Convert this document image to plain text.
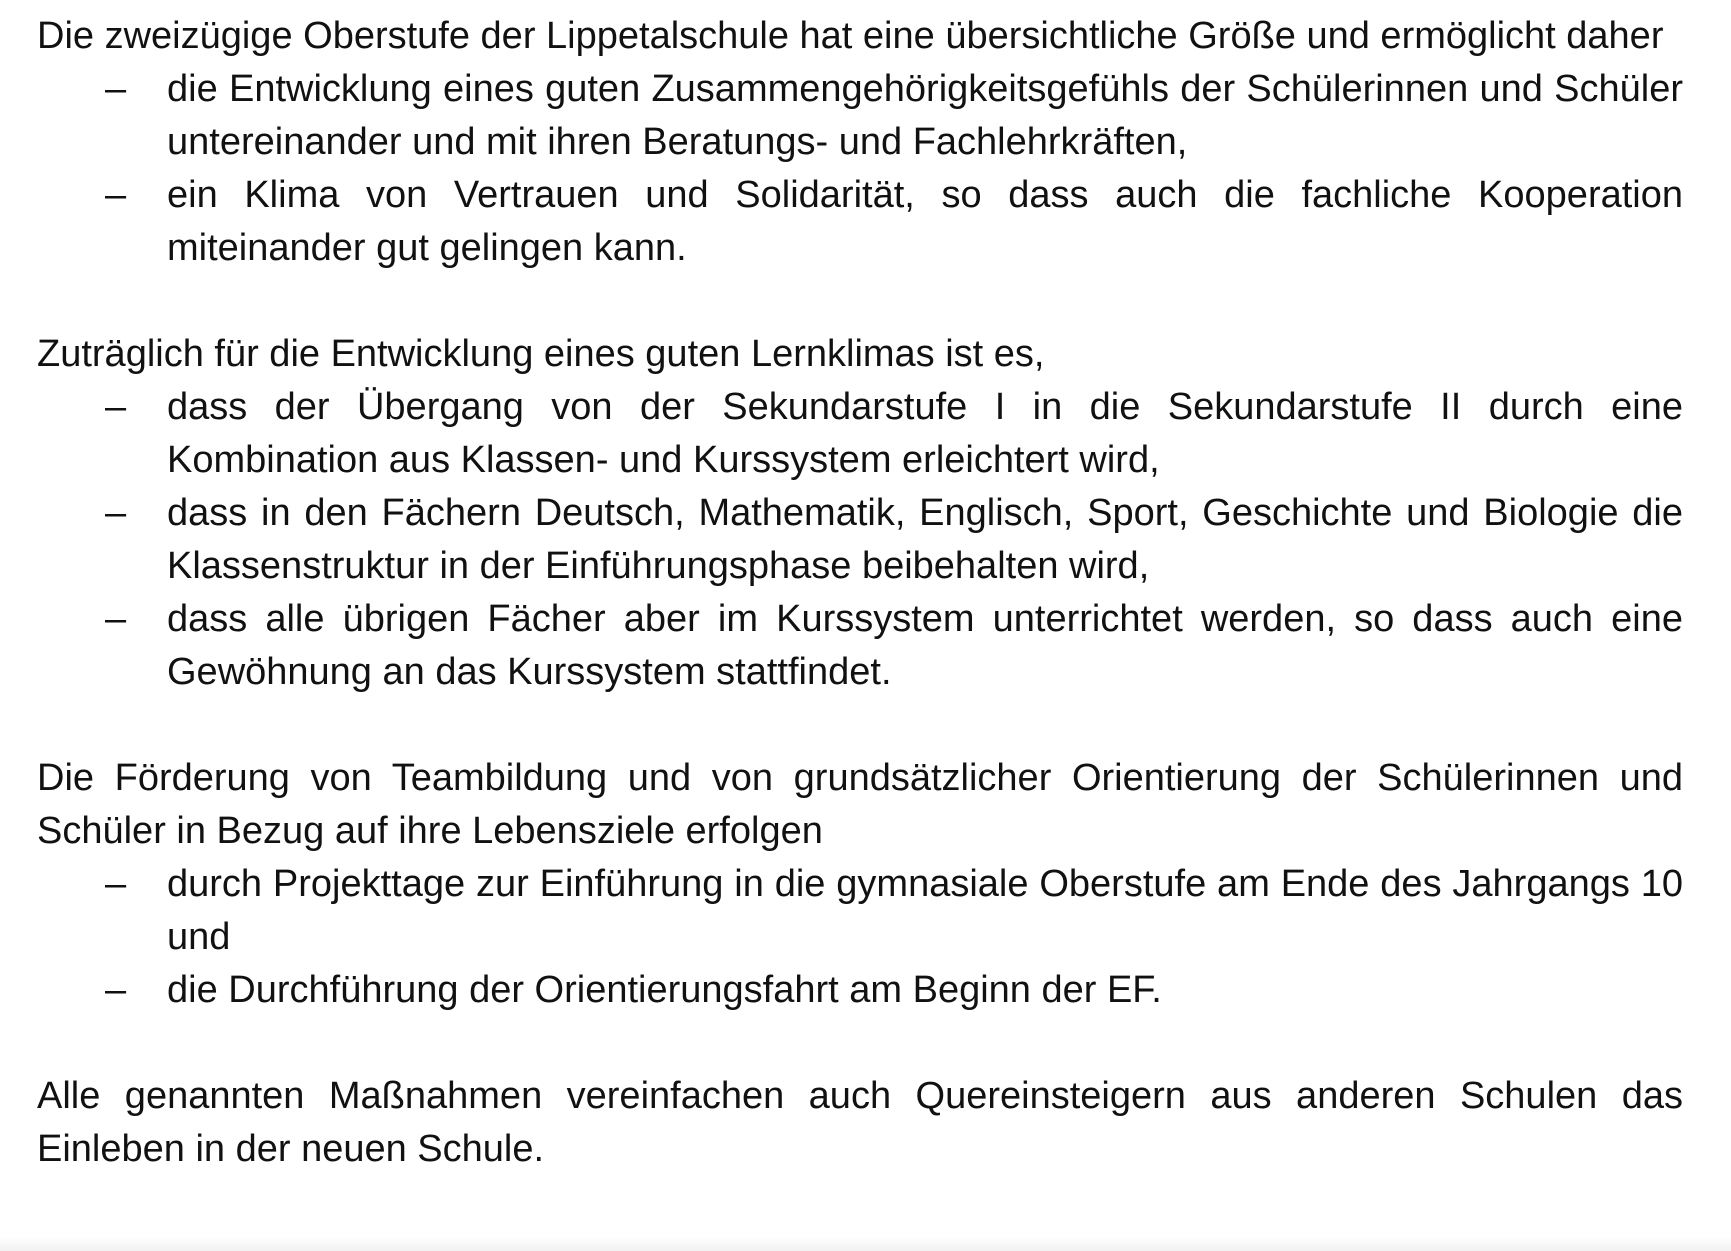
Die zweizügige Oberstufe der Lippetalschule hat eine übersichtliche Größe und ermöglicht daher

– die Entwicklung eines guten Zusammengehörigkeitsgefühls der Schülerinnen und Schüler untereinander und mit ihren Beratungs- und Fachlehrkräften,
– ein Klima von Vertrauen und Solidarität, so dass auch die fachliche Kooperation miteinander gut gelingen kann.

Zuträglich für die Entwicklung eines guten Lernklimas ist es,

– dass der Übergang von der Sekundarstufe I in die Sekundarstufe II durch eine Kombination aus Klassen- und Kurssystem erleichtert wird,
– dass in den Fächern Deutsch, Mathematik, Englisch, Sport, Geschichte und Biologie die Klassenstruktur in der Einführungsphase beibehalten wird,
– dass alle übrigen Fächer aber im Kurssystem unterrichtet werden, so dass auch eine Gewöhnung an das Kurssystem stattfindet.

Die Förderung von Teambildung und von grundsätzlicher Orientierung der Schülerinnen und Schüler in Bezug auf ihre Lebensziele erfolgen

– durch Projekttage zur Einführung in die gymnasiale Oberstufe am Ende des Jahrgangs 10 und
– die Durchführung der Orientierungsfahrt am Beginn der EF.

Alle genannten Maßnahmen vereinfachen auch Quereinsteigern aus anderen Schulen das Einleben in der neuen Schule.
